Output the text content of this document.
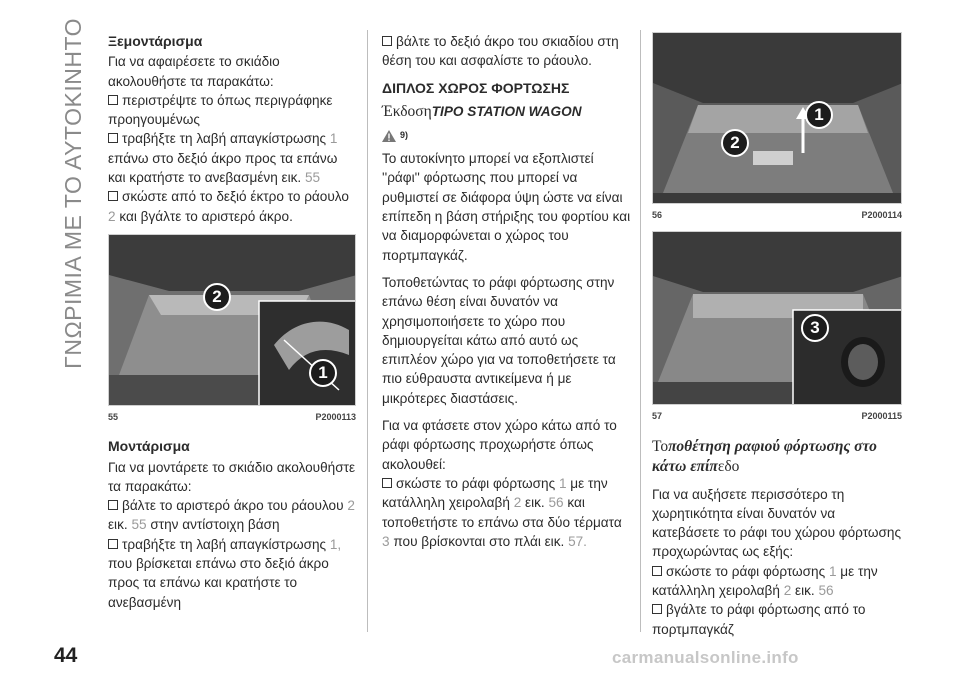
ΓΝΩΡΙΜΙΑ ΜΕ ΤΟ ΑΥΤΟΚΙΝΗΤΟ Ξεμοντάρισμα

Για να αφαιρέσετε το σκιάδιο ακολουθήστε τα παρακάτω:

περιστρέψτε το όπως περιγράφηκε προηγουμένως

τραβήξτε τη λαβή απαγκίστρωσης 1 επάνω στο δεξιό άκρο προς τα επάνω και κρατήστε το ανεβασμένη εικ. 55

σκώστε από το δεξιό έκτρο το ράουλο 2 και βγάλτε το αριστερό άκρο.

2
1
55	P2000113
Μοντάρισμα

Για να μοντάρετε το σκιάδιο ακολουθήστε τα παρακάτω:

βάλτε το αριστερό άκρο του ράουλου 2 εικ. 55 στην αντίστοιχη βάση

τραβήξτε τη λαβή απαγκίστρωσης 1, που βρίσκεται επάνω στο δεξιό άκρο προς τα επάνω και κρατήστε το ανεβασμένη

βάλτε το δεξιό άκρο του σκιαδίου στη θέση του και ασφαλίστε το ράουλο.

ΔΙΠΛΟΣ ΧΩΡΟΣ ΦΟΡΤΩΣΗΣ

ΈκδοσηTIPO STATION WAGON

9)

Το αυτοκίνητο μπορεί να εξοπλιστεί ''ράφι'' φόρτωσης που μπορεί να ρυθμιστεί σε διάφορα ύψη ώστε να είναι επίπεδη η βάση στήριξης του φορτίου και να διαμορφώνεται ο χώρος του πορτμπαγκάζ.

Τοποθετώντας το ράφι φόρτωσης στην επάνω θέση είναι δυνατόν να χρησιμοποιήσετε το χώρο που δημιουργείται κάτω από αυτό ως επιπλέον χώρο για να τοποθετήσετε τα πιο εύθραυστα αντικείμενα ή με μικρότερες διαστάσεις.

Για να φτάσετε στον χώρο κάτω από το ράφι φόρτωσης προχωρήστε όπως ακολουθεί:

σκώστε το ράφι φόρτωσης 1 με την κατάλληλη χειρολαβή 2 εικ. 56 και τοποθετήστε το επάνω στα δύο τέρματα 3 που βρίσκονται στο πλάι εικ. 57.

1
2
56	P2000114
3
57	P2000115

Τοποθέτηση ραφιού φόρτωσης στο κάτω επίπεδο

Για να αυξήσετε περισσότερο τη χωρητικότητα είναι δυνατόν να κατεβάσετε το ράφι του χώρου φόρτωσης προχωρώντας ως εξής:

σκώστε το ράφι φόρτωσης 1 με την κατάλληλη χειρολαβή 2 εικ. 56

βγάλτε το ράφι φόρτωσης από το πορτμπαγκάζ

44	carmanualsonline.info
